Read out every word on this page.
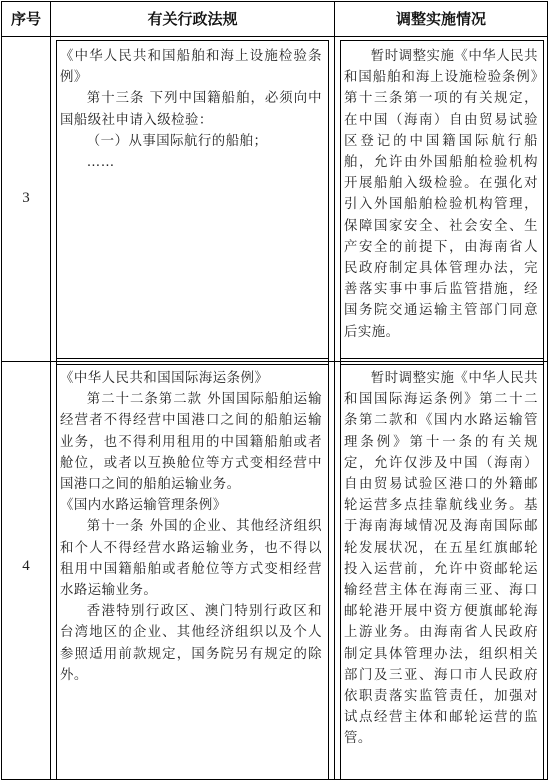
序号	有关行政法规	调整实施情况
3

《中华人民共和国船舶和海上设施检验条例》

第十三条 下列中国籍船舶，必须向中国船级社申请入级检验：

（一）从事国际航行的船舶；

……

暂时调整实施《中华人民共和国船舶和海上设施检验条例》第十三条第一项的有关规定，在中国（海南）自由贸易试验区登记的中国籍国际航行船舶，允许由外国船舶检验机构开展船舶入级检验。在强化对引入外国船舶检验机构管理，保障国家安全、社会安全、生产安全的前提下，由海南省人民政府制定具体管理办法，完善落实事中事后监管措施，经国务院交通运输主管部门同意后实施。

4

《中华人民共和国国际海运条例》

第二十二条第二款 外国国际船舶运输经营者不得经营中国港口之间的船舶运输业务，也不得利用租用的中国籍船舶或者舱位，或者以互换舱位等方式变相经营中国港口之间的船舶运输业务。

《国内水路运输管理条例》

第十一条 外国的企业、其他经济组织和个人不得经营水路运输业务，也不得以租用中国籍船舶或者舱位等方式变相经营水路运输业务。

香港特别行政区、澳门特别行政区和台湾地区的企业、其他经济组织以及个人参照适用前款规定，国务院另有规定的除外。

暂时调整实施《中华人民共和国国际海运条例》第二十二条第二款和《国内水路运输管理条例》第十一条的有关规定，允许仅涉及中国（海南）自由贸易试验区港口的外籍邮轮运营多点挂靠航线业务。基于海南海域情况及海南国际邮轮发展状况，在五星红旗邮轮投入运营前，允许中资邮轮运输经营主体在海南三亚、海口邮轮港开展中资方便旗邮轮海上游业务。由海南省人民政府制定具体管理办法，组织相关部门及三亚、海口市人民政府依职责落实监管责任，加强对试点经营主体和邮轮运营的监管。
